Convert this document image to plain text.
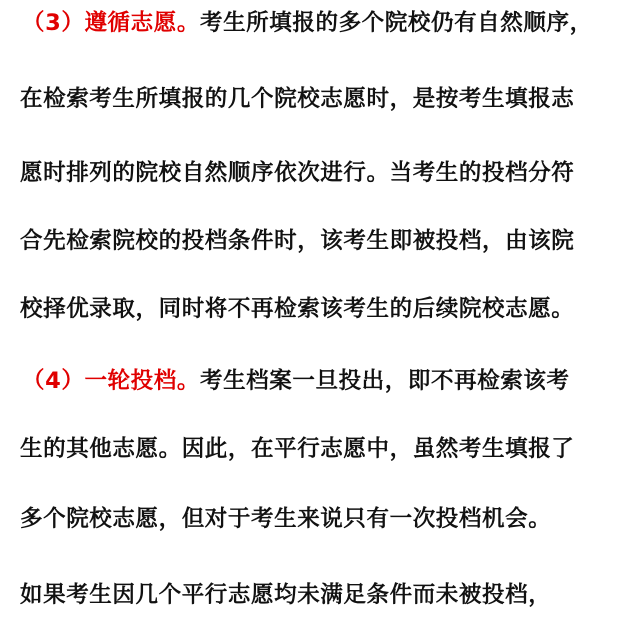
（3）遵循志愿。考生所填报的多个院校仍有自然顺序，
在检索考生所填报的几个院校志愿时，是按考生填报志
愿时排列的院校自然顺序依次进行。当考生的投档分符
合先检索院校的投档条件时，该考生即被投档，由该院
校择优录取，同时将不再检索该考生的后续院校志愿。
（4）一轮投档。考生档案一旦投出，即不再检索该考
生的其他志愿。因此，在平行志愿中，虽然考生填报了
多个院校志愿，但对于考生来说只有一次投档机会。
如果考生因几个平行志愿均未满足条件而未被投档，
